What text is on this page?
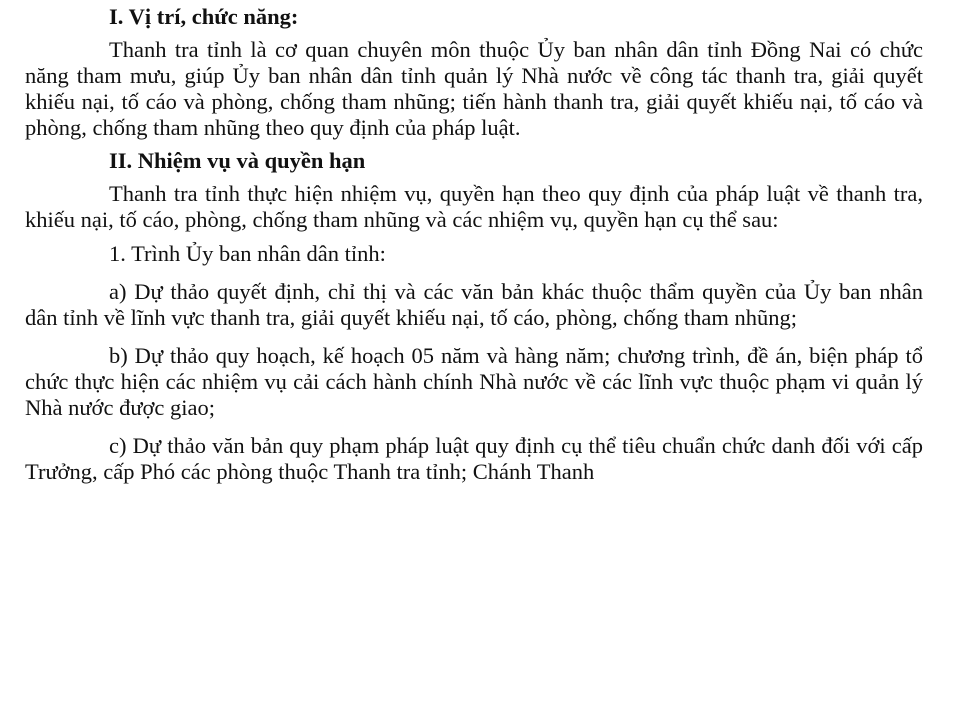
I. Vị trí, chức năng:
Thanh tra tỉnh là cơ quan chuyên môn thuộc Ủy ban nhân dân tỉnh Đồng Nai có chức năng tham mưu, giúp Ủy ban nhân dân tỉnh quản lý Nhà nước về công tác thanh tra, giải quyết khiếu nại, tố cáo và phòng, chống tham nhũng; tiến hành thanh tra, giải quyết khiếu nại, tố cáo và phòng, chống tham nhũng theo quy định của pháp luật.
II. Nhiệm vụ và quyền hạn
Thanh tra tỉnh thực hiện nhiệm vụ, quyền hạn theo quy định của pháp luật về thanh tra, khiếu nại, tố cáo, phòng, chống tham nhũng và các nhiệm vụ, quyền hạn cụ thể sau:
1. Trình Ủy ban nhân dân tỉnh:
a) Dự thảo quyết định, chỉ thị và các văn bản khác thuộc thẩm quyền của Ủy ban nhân dân tỉnh về lĩnh vực thanh tra, giải quyết khiếu nại, tố cáo, phòng, chống tham nhũng;
b) Dự thảo quy hoạch, kế hoạch 05 năm và hàng năm; chương trình, đề án, biện pháp tổ chức thực hiện các nhiệm vụ cải cách hành chính Nhà nước về các lĩnh vực thuộc phạm vi quản lý Nhà nước được giao;
c) Dự thảo văn bản quy phạm pháp luật quy định cụ thể tiêu chuẩn chức danh đối với cấp Trưởng, cấp Phó các phòng thuộc Thanh tra tỉnh; Chánh Thanh
